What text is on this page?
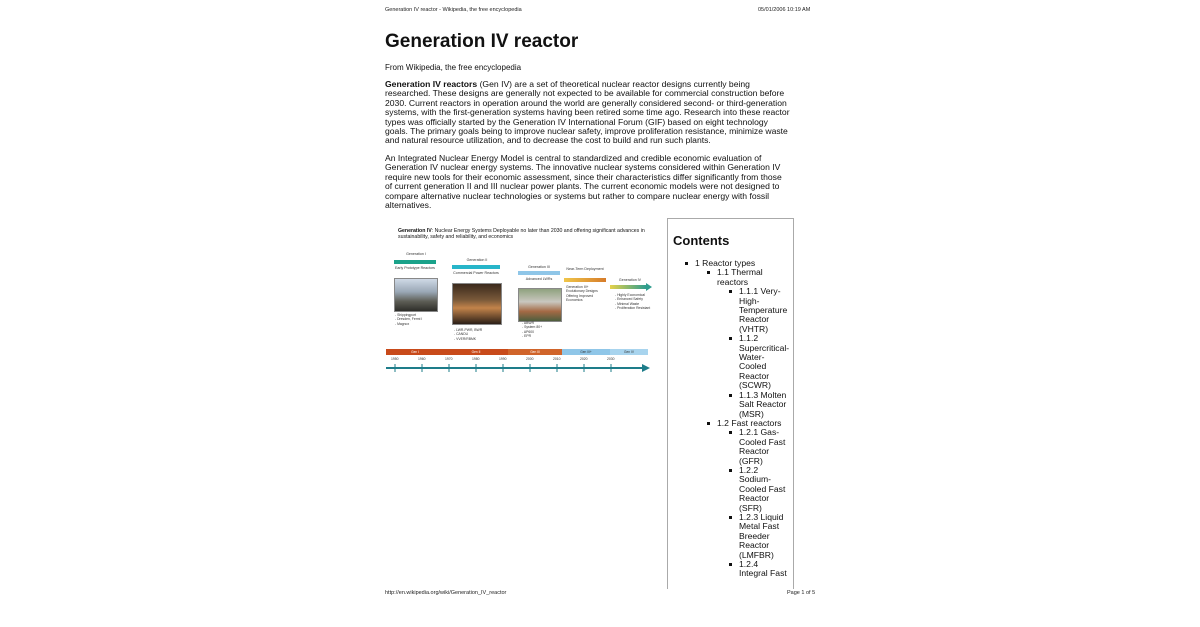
Generation IV reactor - Wikipedia, the free encyclopedia	05/01/2006 10:19 AM
Generation IV reactor
From Wikipedia, the free encyclopedia

Generation IV reactors (Gen IV) are a set of theoretical nuclear reactor designs currently being researched. These designs are generally not expected to be available for commercial construction before 2030. Current reactors in operation around the world are generally considered second- or third-generation systems, with the first-generation systems having been retired some time ago. Research into these reactor types was officially started by the Generation IV International Forum (GIF) based on eight technology goals. The primary goals being to improve nuclear safety, improve proliferation resistance, minimize waste and natural resource utilization, and to decrease the cost to build and run such plants.

An Integrated Nuclear Energy Model is central to standardized and credible economic evaluation of Generation IV nuclear energy systems. The innovative nuclear systems considered within Generation IV require new tools for their economic assessment, since their characteristics differ significantly from those of current generation II and III nuclear power plants. The current economic models were not designed to compare alternative nuclear technologies or systems but rather to compare nuclear energy with fossil alternatives.

Generation IV: Nuclear Energy Systems Deployable no later than 2030 and offering significant advances in sustainability, safety and reliability, and economics
Generation I
Early Prototype Reactors
- Shippingport
- Dresden, Fermi I
- Magnox
Generation II
Commercial Power Reactors
- LWR-PWR, BWR
- CANDU
- VVER/RBMK
Generation III
Advanced LWRs
- ABWR
- System 80+
- AP600
- EPR
Near-Term Deployment
Generation III+ Evolutionary Designs Offering Improved Economics
Generation IV
- Highly Economical
- Enhanced Safety
- Minimal Waste
- Proliferation Resistant
Gen I	Gen II	Gen III	Gen III+	Gen IV
1950	1960	1970	1980	1990	2000	2010	2020	2030
Contents
1 Reactor types
1.1 Thermal reactors
1.1.1 Very-High-Temperature Reactor (VHTR)
1.1.2 Supercritical-Water-Cooled Reactor (SCWR)
1.1.3 Molten Salt Reactor (MSR)
1.2 Fast reactors
1.2.1 Gas-Cooled Fast Reactor (GFR)
1.2.2 Sodium-Cooled Fast Reactor (SFR)
1.2.3 Liquid Metal Fast Breeder Reactor (LMFBR)
1.2.4 Integral Fast
http://en.wikipedia.org/wiki/Generation_IV_reactor	Page 1 of 5
